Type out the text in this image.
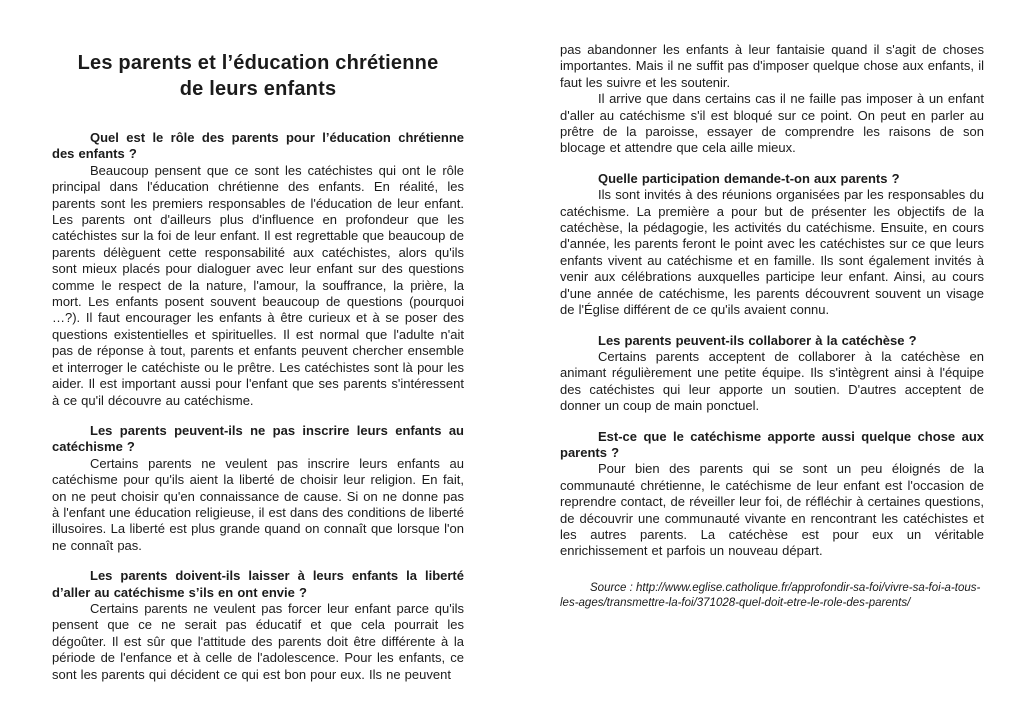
Les parents et l’éducation chrétienne
de leurs enfants

Quel est le rôle des parents pour l’éducation chrétienne des enfants ?

Beaucoup pensent que ce sont les catéchistes qui ont le rôle principal dans l'éducation chrétienne des enfants. En réalité, les parents sont les premiers responsables de l'éducation de leur enfant. Les parents ont d'ailleurs plus d'influence en profondeur que les catéchistes sur la foi de leur enfant. Il est regrettable que beaucoup de parents délèguent cette responsabilité aux catéchistes, alors qu'ils sont mieux placés pour dialoguer avec leur enfant sur des questions comme le respect de la nature, l'amour, la souffrance, la prière, la mort. Les enfants posent souvent beaucoup de questions (pourquoi …?). Il faut encourager les enfants à être curieux et à se poser des questions existentielles et spirituelles. Il est normal que l'adulte n'ait pas de réponse à tout, parents et enfants peuvent chercher ensemble et interroger le catéchiste ou le prêtre. Les catéchistes sont là pour les aider. Il est important aussi pour l'enfant que ses parents s'intéressent à ce qu'il découvre au catéchisme.

Les parents peuvent-ils ne pas inscrire leurs enfants au catéchisme ?

Certains parents ne veulent pas inscrire leurs enfants au catéchisme pour qu'ils aient la liberté de choisir leur religion. En fait, on ne peut choisir qu'en connaissance de cause. Si on ne donne pas à l'enfant une éducation religieuse, il est dans des conditions de liberté illusoires. La liberté est plus grande quand on connaît que lorsque l'on ne connaît pas.

Les parents doivent-ils laisser à leurs enfants la liberté d’aller au catéchisme s’ils en ont envie ?

Certains parents ne veulent pas forcer leur enfant parce qu'ils pensent que ce ne serait pas éducatif et que cela pourrait les dégoûter. Il est sûr que l'attitude des parents doit être différente à la période de l'enfance et à celle de l'adolescence. Pour les enfants, ce sont les parents qui décident ce qui est bon pour eux. Ils ne peuvent

pas abandonner les enfants à leur fantaisie quand il s'agit de choses importantes. Mais il ne suffit pas d'imposer quelque chose aux enfants, il faut les suivre et les soutenir.

Il arrive que dans certains cas il ne faille pas imposer à un enfant d'aller au catéchisme s'il est bloqué sur ce point. On peut en parler au prêtre de la paroisse, essayer de comprendre les raisons de son blocage et attendre que cela aille mieux.

Quelle participation demande-t-on aux parents ?

Ils sont invités à des réunions organisées par les responsables du catéchisme. La première a pour but de présenter les objectifs de la catéchèse, la pédagogie, les activités du catéchisme. Ensuite, en cours d'année, les parents feront le point avec les catéchistes sur ce que leurs enfants vivent au catéchisme et en famille. Ils sont également invités à venir aux célébrations auxquelles participe leur enfant. Ainsi, au cours d'une année de catéchisme, les parents découvrent souvent un visage de l'Église différent de ce qu'ils avaient connu.

Les parents peuvent-ils collaborer à la catéchèse ?

Certains parents acceptent de collaborer à la catéchèse en animant régulièrement une petite équipe. Ils s'intègrent ainsi à l'équipe des catéchistes qui leur apporte un soutien. D'autres acceptent de donner un coup de main ponctuel.

Est-ce que le catéchisme apporte aussi quelque chose aux parents ?

Pour bien des parents qui se sont un peu éloignés de la communauté chrétienne, le catéchisme de leur enfant est l'occasion de reprendre contact, de réveiller leur foi, de réfléchir à certaines questions, de découvrir une communauté vivante en rencontrant les catéchistes et les autres parents. La catéchèse est pour eux un véritable enrichissement et parfois un nouveau départ.

Source : http://www.eglise.catholique.fr/approfondir-sa-foi/vivre-sa-foi-a-tous-les-ages/transmettre-la-foi/371028-quel-doit-etre-le-role-des-parents/
